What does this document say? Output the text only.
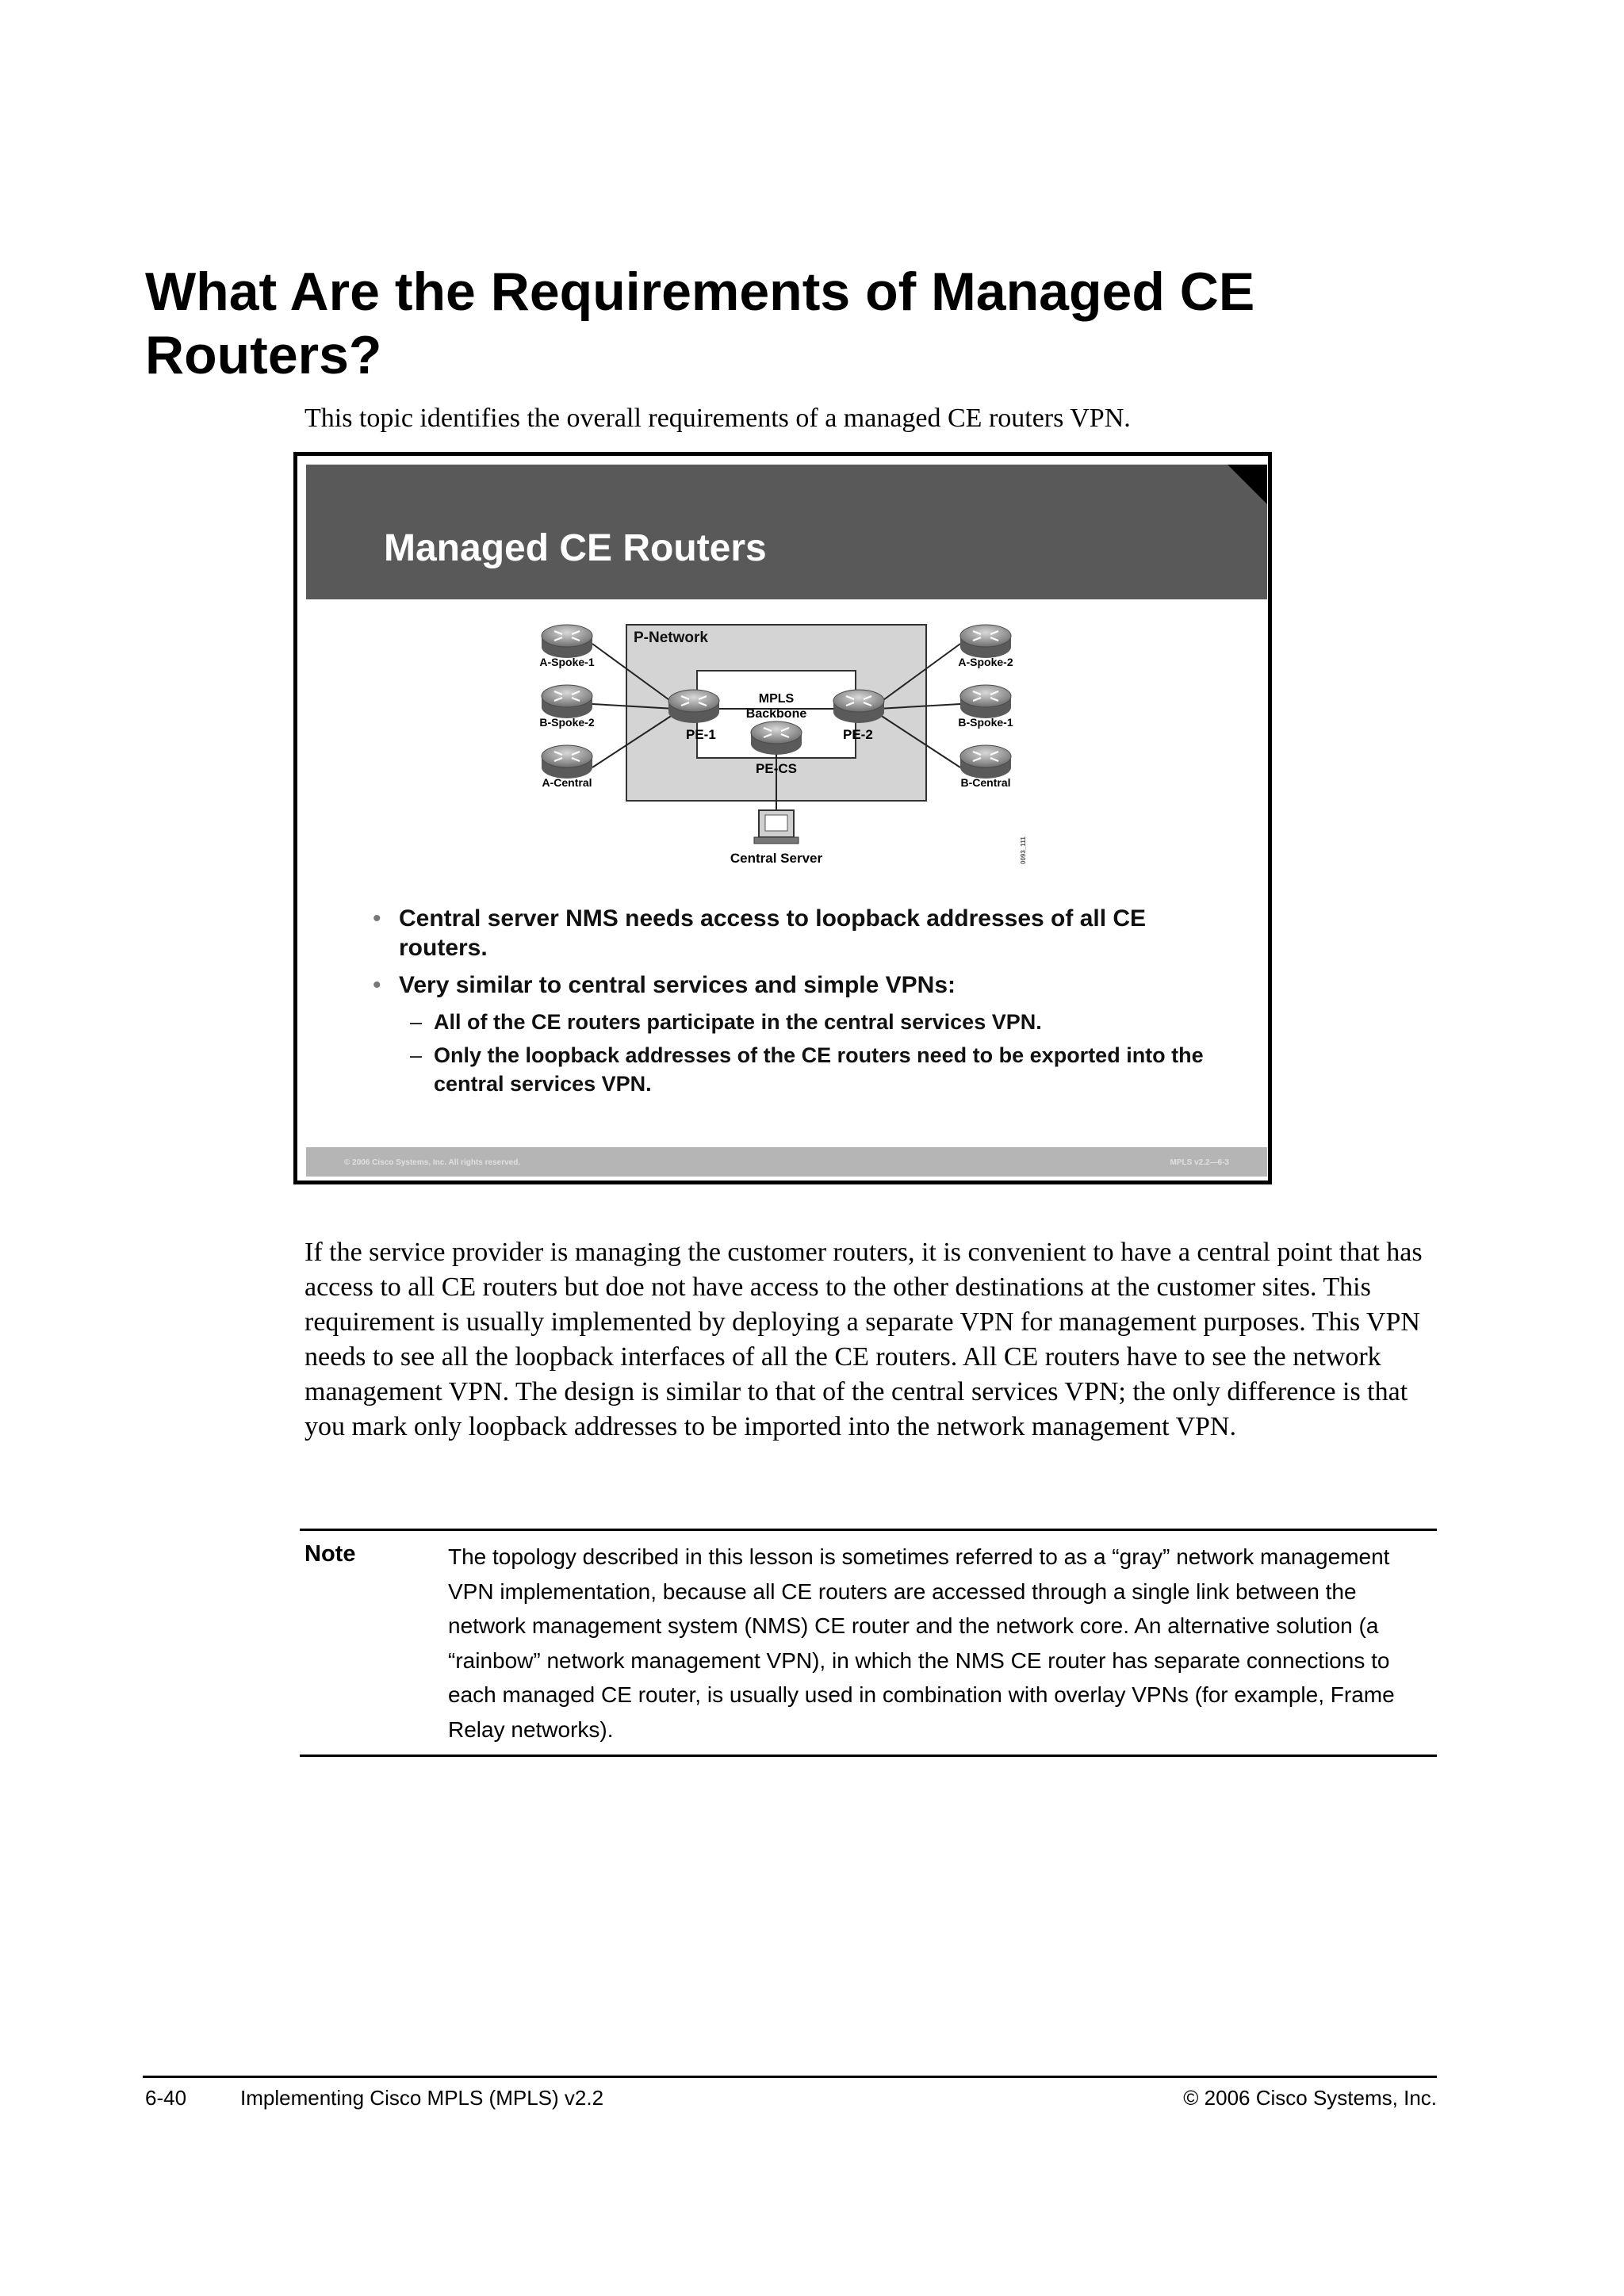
What Are the Requirements of Managed CE Routers?
This topic identifies the overall requirements of a managed CE routers VPN.
Managed CE Routers
P-Network
MPLS
Backbone
A-Spoke-1
B-Spoke-2
A-Central
A-Spoke-2
B-Spoke-1
B-Central
PE-1	PE-2
PE-CS
Central Server	0093_111
• Central server NMS needs access to loopback addresses of all CE routers.
• Very similar to central services and simple VPNs:
– All of the CE routers participate in the central services VPN.
– Only the loopback addresses of the CE routers need to be exported into the central services VPN.
© 2006 Cisco Systems, Inc. All rights reserved.	MPLS v2.2—6-3
If the service provider is managing the customer routers, it is convenient to have a central point that has access to all CE routers but doe not have access to the other destinations at the customer sites. This requirement is usually implemented by deploying a separate VPN for management purposes. This VPN needs to see all the loopback interfaces of all the CE routers. All CE routers have to see the network management VPN. The design is similar to that of the central services VPN; the only difference is that you mark only loopback addresses to be imported into the network management VPN.
Note	The topology described in this lesson is sometimes referred to as a “gray” network management VPN implementation, because all CE routers are accessed through a single link between the network management system (NMS) CE router and the network core. An alternative solution (a “rainbow” network management VPN), in which the NMS CE router has separate connections to each managed CE router, is usually used in combination with overlay VPNs (for example, Frame Relay networks).
6-40	Implementing Cisco MPLS (MPLS) v2.2	© 2006 Cisco Systems, Inc.
